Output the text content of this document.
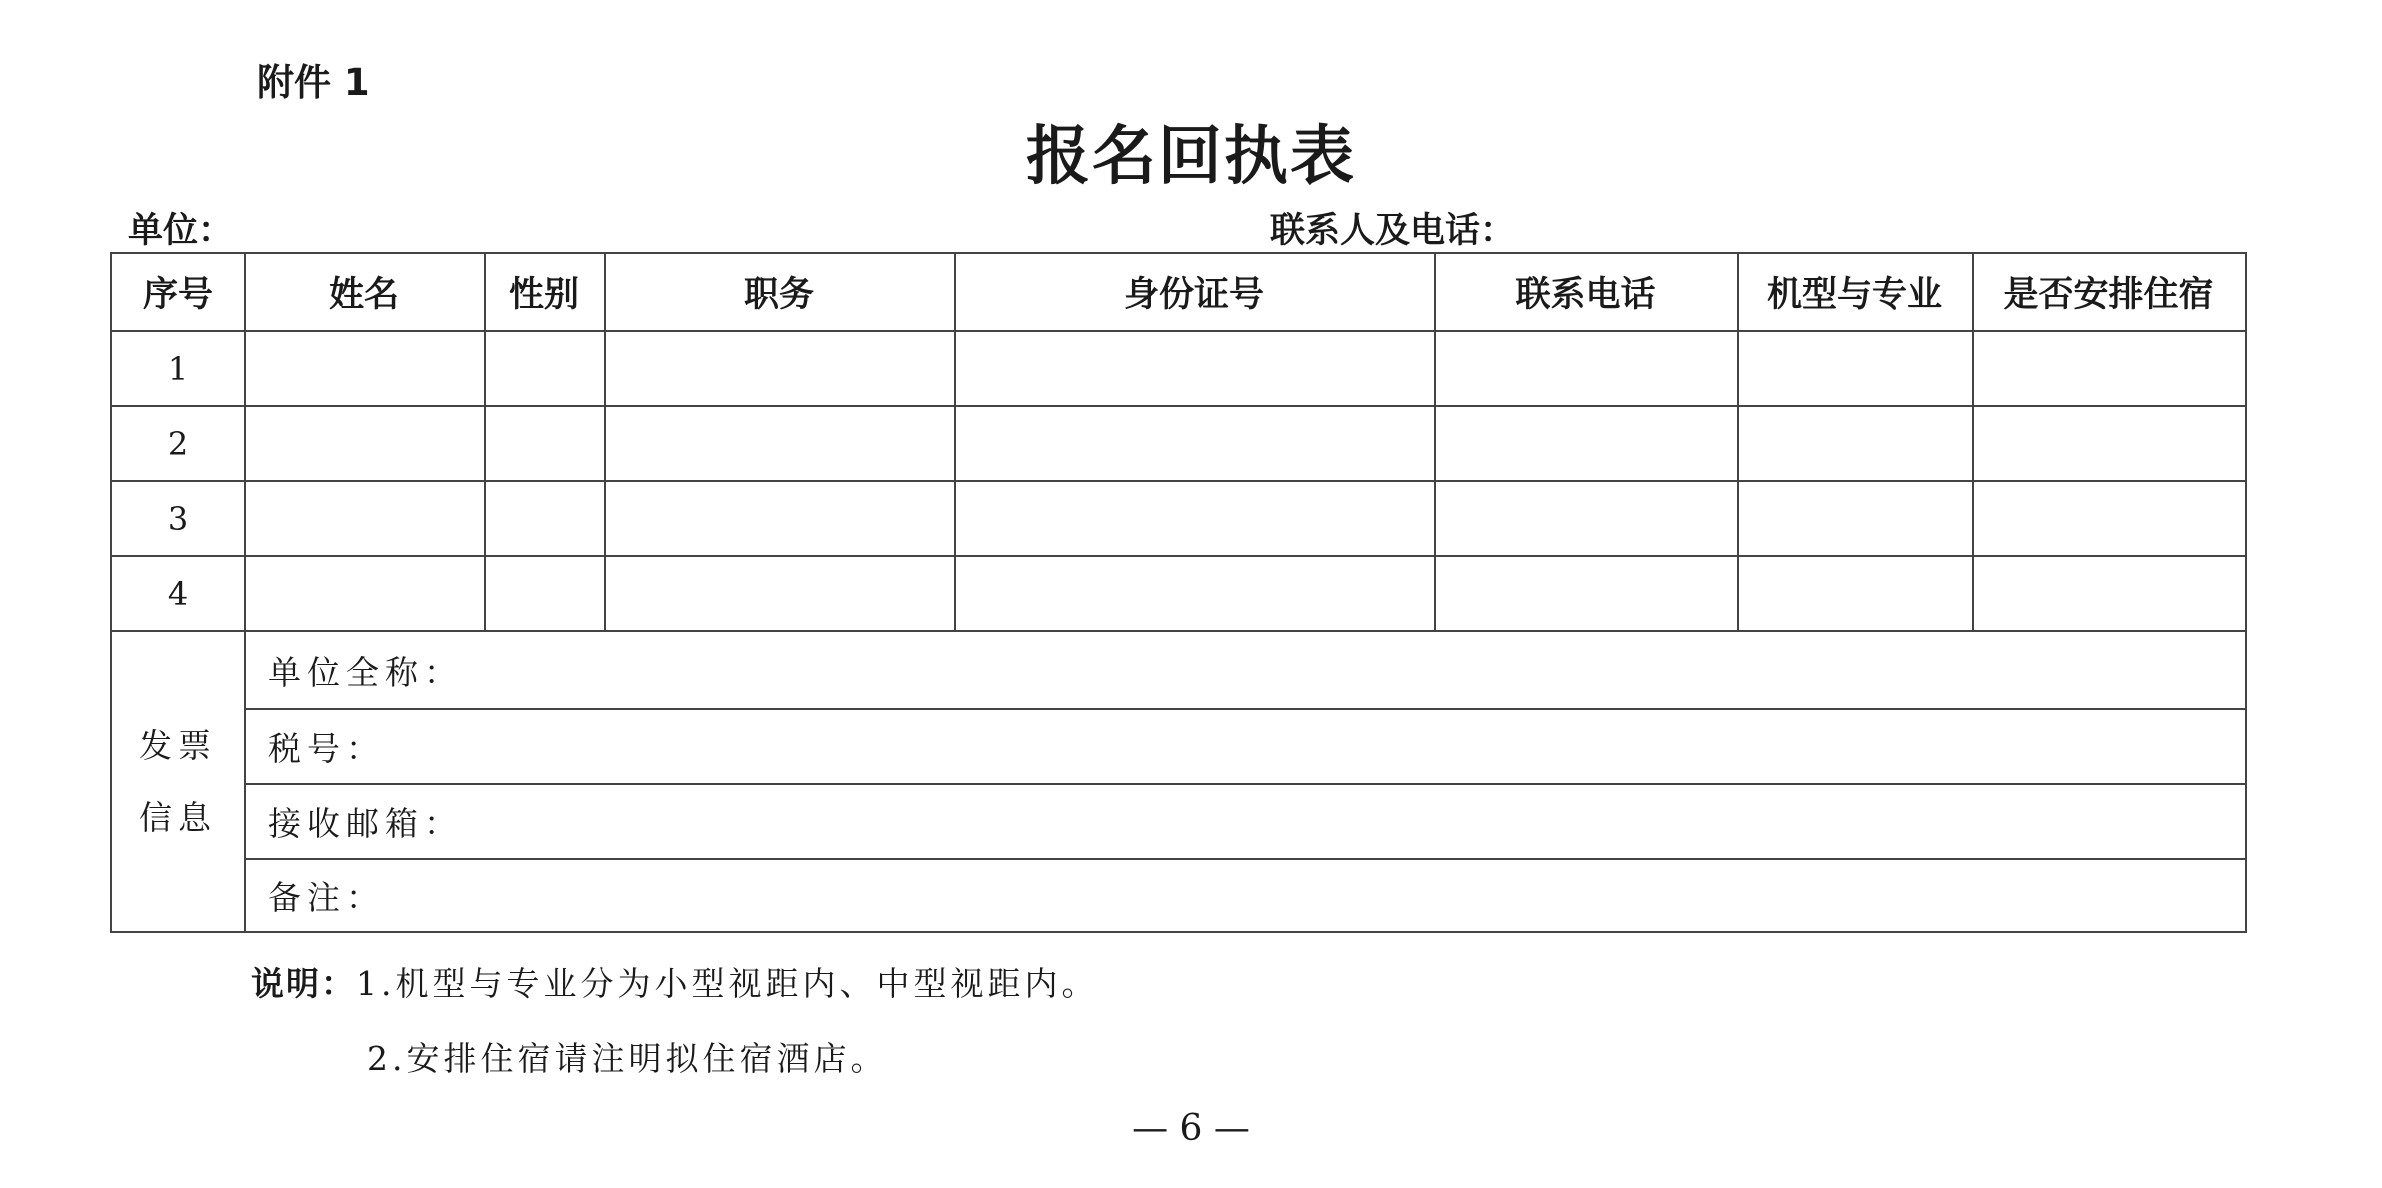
附件 1
报名回执表
单位：	联系人及电话：
序号	姓名	性别	职务	身份证号	联系电话	机型与专业	是否安排住宿
1
2
3
4
发票
信息
单位全称：
税号：
接收邮箱：
备注：
说明：1.机型与专业分为小型视距内、中型视距内。
2.安排住宿请注明拟住宿酒店。
— 6 —
